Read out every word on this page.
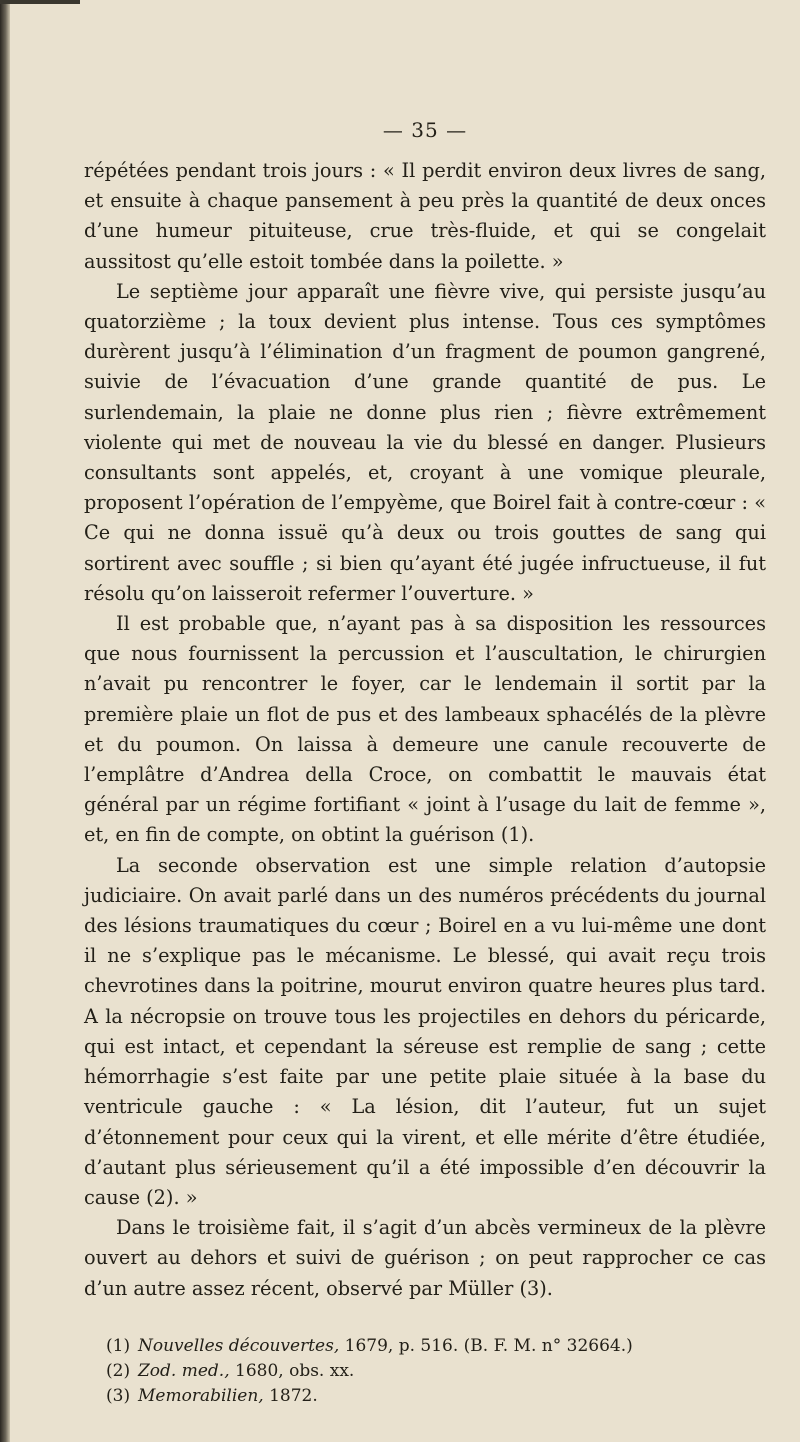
— 35 —

répétées pendant trois jours : « Il perdit environ deux livres de sang, et ensuite à chaque pansement à peu près la quantité de deux onces d’une humeur pituiteuse, crue très-fluide, et qui se congelait aussitost qu’elle estoit tombée dans la poilette. »

Le septième jour apparaît une fièvre vive, qui persiste jusqu’au quatorzième ; la toux devient plus intense. Tous ces symptômes durèrent jusqu’à l’élimination d’un fragment de poumon gangrené, suivie de l’évacuation d’une grande quantité de pus. Le surlendemain, la plaie ne donne plus rien ; fièvre extrêmement violente qui met de nouveau la vie du blessé en danger. Plusieurs consultants sont appelés, et, croyant à une vomique pleurale, proposent l’opération de l’empyème, que Boirel fait à contre-cœur : « Ce qui ne donna issuë qu’à deux ou trois gouttes de sang qui sortirent avec souffle ; si bien qu’ayant été jugée infructueuse, il fut résolu qu’on laisseroit refermer l’ouverture. »

Il est probable que, n’ayant pas à sa disposition les ressources que nous fournissent la percussion et l’auscultation, le chirurgien n’avait pu rencontrer le foyer, car le lendemain il sortit par la première plaie un flot de pus et des lambeaux sphacélés de la plèvre et du poumon. On laissa à demeure une canule recouverte de l’emplâtre d’Andrea della Croce, on combattit le mauvais état général par un régime fortifiant « joint à l’usage du lait de femme », et, en fin de compte, on obtint la guérison (1).

La seconde observation est une simple relation d’autopsie judiciaire. On avait parlé dans un des numéros précédents du journal des lésions traumatiques du cœur ; Boirel en a vu lui-même une dont il ne s’explique pas le mécanisme. Le blessé, qui avait reçu trois chevrotines dans la poitrine, mourut environ quatre heures plus tard. A la nécropsie on trouve tous les projectiles en dehors du péricarde, qui est intact, et cependant la séreuse est remplie de sang ; cette hémorrhagie s’est faite par une petite plaie située à la base du ventricule gauche : « La lésion, dit l’auteur, fut un sujet d’étonnement pour ceux qui la virent, et elle mérite d’être étudiée, d’autant plus sérieusement qu’il a été impossible d’en découvrir la cause (2). »

Dans le troisième fait, il s’agit d’un abcès vermineux de la plèvre ouvert au dehors et suivi de guérison ; on peut rapprocher ce cas d’un autre assez récent, observé par Müller (3).

(1) Nouvelles découvertes, 1679, p. 516. (B. F. M. n° 32664.)

(2) Zod. med., 1680, obs. xx.

(3) Memorabilien, 1872.
